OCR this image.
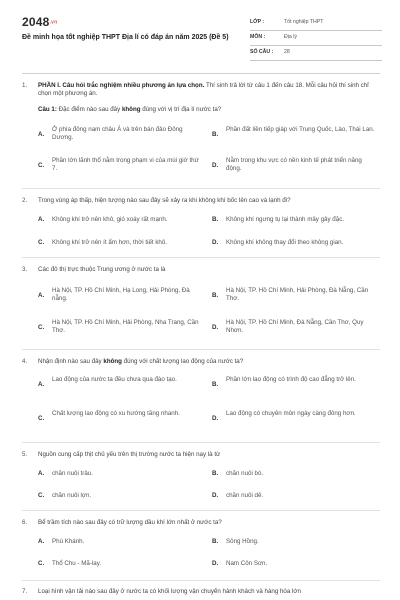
2048.vn
Đề minh họa tốt nghiệp THPT Địa lí có đáp án năm 2025 (Đề 5)
LỚP :	Tốt nghiệp THPT
MÔN :	Địa lý
SỐ CÂU :	28
1. PHẦN I. Câu hỏi trắc nghiệm nhiều phương án lựa chọn. Thí sinh trả lời từ câu 1 đến câu 18. Mỗi câu hỏi thí sinh chỉ chọn một phương án.
Câu 1: Đặc điểm nào sau đây không đúng với vị trí địa lí nước ta?
A.
Ở phía đông nam châu Á và trên bán đảo Đông Dương.	B.
Phần đất liền tiếp giáp với Trung Quốc, Lào, Thái Lan.
C.
Phần lớn lãnh thổ nằm trong phạm vi của múi giờ thứ 7.	D.
Nằm trong khu vực có nền kinh tế phát triển năng động.
2. Trong vùng áp thấp, hiện tượng nào sau đây sẽ xảy ra khi không khí bốc lên cao và lạnh đi?
A. Không khí trở nên khô, gió xoáy rất mạnh.	B. Không khí ngưng tụ lại thành mây gây đặc.
C. Không khí trở nên ít ẩm hơn, thời tiết khô.	D. Không khí không thay đổi theo không gian.
3. Các đô thị trực thuộc Trung ương ở nước ta là
A.
Hà Nội, TP. Hồ Chí Minh, Hạ Long, Hải Phòng, Đà nẵng.	B.
Hà Nội, TP. Hồ Chí Minh, Hải Phòng, Đà Nẵng, Cần Thơ.
C.
Hà Nội, TP. Hồ Chí Minh, Hải Phòng, Nha Trang, Cần Thơ.	D.
Hà Nội, TP. Hồ Chí Minh, Đà Nẵng, Cần Thơ, Quy Nhơn.
4. Nhận định nào sau đây không đúng với chất lượng lao động của nước ta?
A.
Lao động của nước ta đều chưa qua đào tạo.
B.
Phần lớn lao động có trình độ cao đẳng trở lên.
C.
Chất lượng lao động có xu hướng tăng nhanh.
D.
Lao động có chuyên môn ngày càng đông hơn.
5. Nguồn cung cấp thịt chủ yếu trên thị trường nước ta hiện nay là từ
A. chăn nuôi trâu.	B. chăn nuôi bò.
C. chăn nuôi lợn.	D. chăn nuôi dê.
6. Bể trầm tích nào sau đây có trữ lượng dầu khí lớn nhất ở nước ta?
A. Phú Khánh.	B. Sông Hồng.
C. Thổ Chu - Mã-lay.	D. Nam Côn Sơn.
7. Loại hình vận tải nào sau đây ở nước ta có khối lượng vận chuyển hành khách và hàng hóa lớn
